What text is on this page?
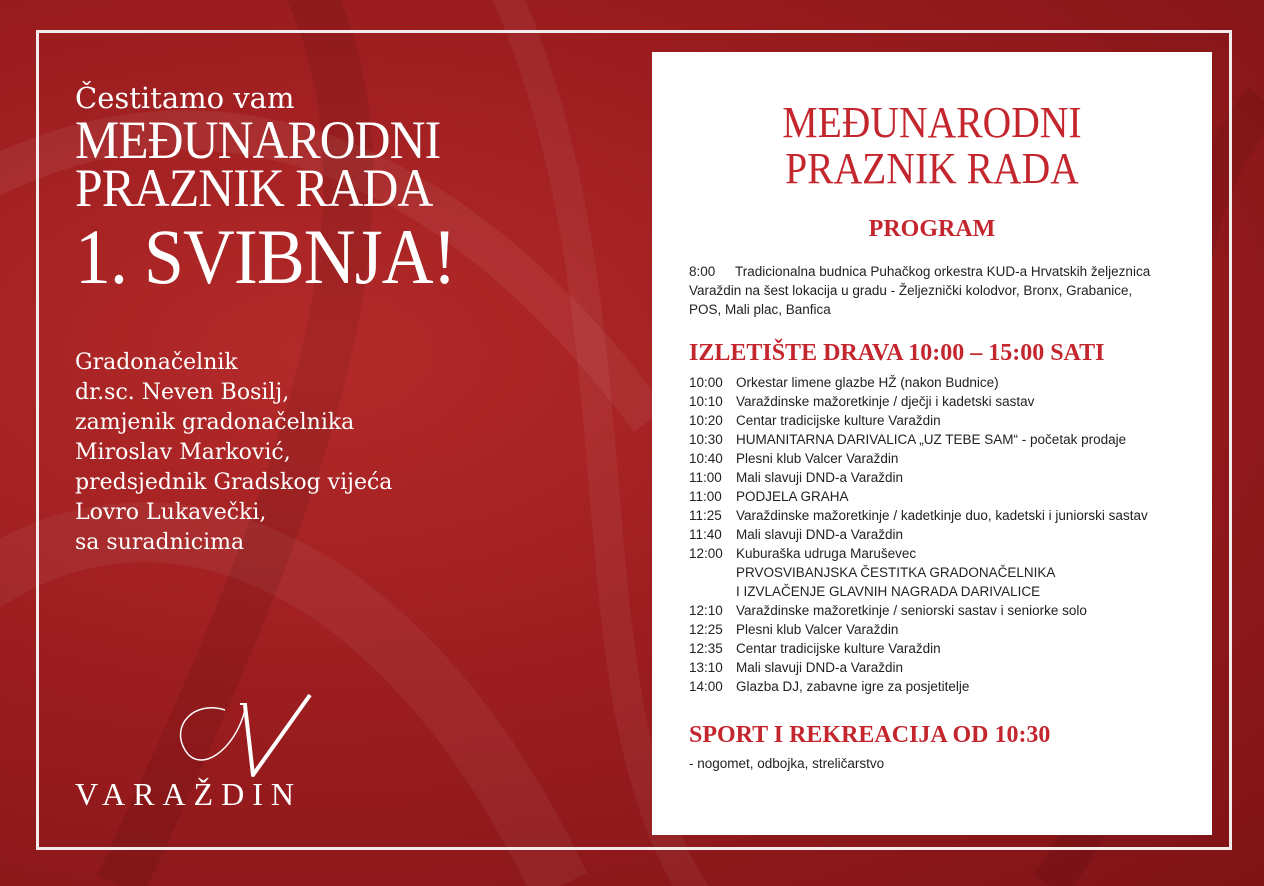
Čestitamo vam

MEĐUNARODNI

PRAZNIK RADA

1. SVIBNJA!

Gradonačelnik
dr.sc. Neven Bosilj,
zamjenik gradonačelnika
Miroslav Marković,
predsjednik Gradskog vijeća
Lovro Lukavečki,
sa suradnicima
VARAŽDIN
MEĐUNARODNI
PRAZNIK RADA
PROGRAM
8:00 Tradicionalna budnica Puhačkog orkestra KUD-a Hrvatskih željeznica
Varaždin na šest lokacija u gradu - Željeznički kolodvor, Bronx, Grabanice,
POS, Mali plac, Banfica
IZLETIŠTE DRAVA 10:00 – 15:00 SATI
10:00 Orkestar limene glazbe HŽ (nakon Budnice)
10:10 Varaždinske mažoretkinje / dječji i kadetski sastav
10:20 Centar tradicijske kulture Varaždin
10:30 HUMANITARNA DARIVALICA „UZ TEBE SAM“ - početak prodaje
10:40 Plesni klub Valcer Varaždin
11:00	Mali slavuji DND-a Varaždin
11:00	PODJELA GRAHA
11:25	Varaždinske mažoretkinje / kadetkinje duo, kadetski i juniorski sastav
11:40	Mali slavuji DND-a Varaždin
12:00 Kuburaška udruga Maruševec
PRVOSVIBANJSKA ČESTITKA GRADONAČELNIKA
I IZVLAČENJE GLAVNIH NAGRADA DARIVALICE
12:10 Varaždinske mažoretkinje / seniorski sastav i seniorke solo
12:25 Plesni klub Valcer Varaždin
12:35 Centar tradicijske kulture Varaždin
13:10 Mali slavuji DND-a Varaždin
14:00 Glazba DJ, zabavne igre za posjetitelje
SPORT I REKREACIJA OD 10:30
- nogomet, odbojka, streličarstvo
